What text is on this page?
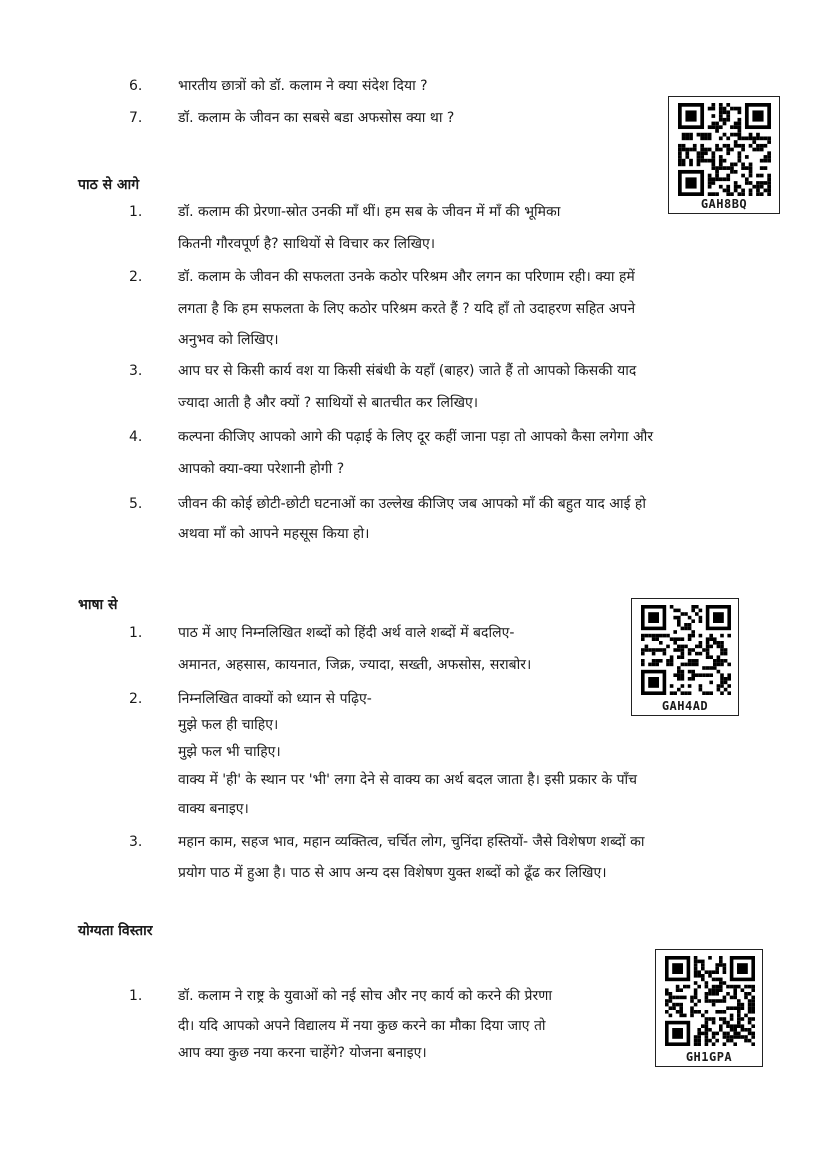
6.	भारतीय छात्रों को डॉ. कलाम ने क्या संदेश दिया ?
7.	डॉ. कलाम के जीवन का सबसे बडा अफसोस क्या था ?
GAH8BQ
पाठ से आगे
1.	डॉ. कलाम की प्रेरणा-स्रोत उनकी माँ थीं। हम सब के जीवन में माँ की भूमिका
कितनी गौरवपूर्ण है? साथियों से विचार कर लिखिए।
2.	डॉ. कलाम के जीवन की सफलता उनके कठोर परिश्रम और लगन का परिणाम रही। क्या हमें
लगता है कि हम सफलता के लिए कठोर परिश्रम करते हैं ? यदि हाँ तो उदाहरण सहित अपने
अनुभव को लिखिए।
3.	आप घर से किसी कार्य वश या किसी संबंधी के यहाँ (बाहर) जाते हैं तो आपको किसकी याद
ज्यादा आती है और क्यों ? साथियों से बातचीत कर लिखिए।
4.	कल्पना कीजिए आपको आगे की पढ़ाई के लिए दूर कहीं जाना पड़ा तो आपको कैसा लगेगा और
आपको क्या-क्या परेशानी होगी ?
5.	जीवन की कोई छोटी-छोटी घटनाओं का उल्लेख कीजिए जब आपको माँ की बहुत याद आई हो
अथवा माँ को आपने महसूस किया हो।
भाषा से
GAH4AD
1.	पाठ में आए निम्नलिखित शब्दों को हिंदी अर्थ वाले शब्दों में बदलिए-
अमानत, अहसास, कायनात, जिक्र, ज्यादा, सख्ती, अफसोस, सराबोर।
2.	निम्नलिखित वाक्यों को ध्यान से पढ़िए-
मुझे फल ही चाहिए।
मुझे फल भी चाहिए।
वाक्य में 'ही' के स्थान पर 'भी' लगा देने से वाक्य का अर्थ बदल जाता है। इसी प्रकार के पाँच
वाक्य बनाइए।
3.	महान काम, सहज भाव, महान व्यक्तित्व, चर्चित लोग, चुनिंदा हस्तियों- जैसे विशेषण शब्दों का
प्रयोग पाठ में हुआ है। पाठ से आप अन्य दस विशेषण युक्त शब्दों को ढूँढ कर लिखिए।
योग्यता विस्तार
GH1GPA
1.	डॉ. कलाम ने राष्ट्र के युवाओं को नई सोच और नए कार्य को करने की प्रेरणा
दी। यदि आपको अपने विद्यालय में नया कुछ करने का मौका दिया जाए तो
आप क्या कुछ नया करना चाहेंगे? योजना बनाइए।
